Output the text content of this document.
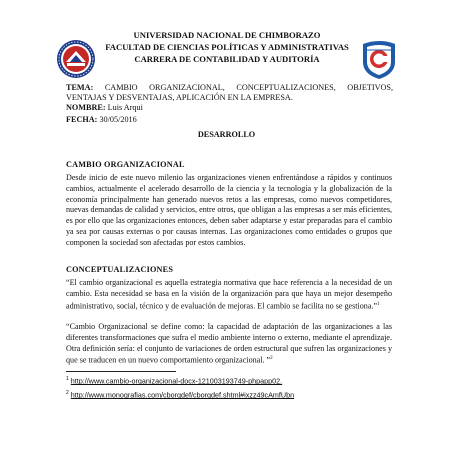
UNIVERSIDAD NACIONAL DE CHIMBORAZO
FACULTAD DE CIENCIAS POLÍTICAS Y ADMINISTRATIVAS
CARRERA DE CONTABILIDAD Y AUDITORÍA
TEMA: CAMBIO ORGANIZACIONAL, CONCEPTUALIZACIONES, OBJETIVOS,
VENTAJAS Y DESVENTAJAS, APLICACIÓN EN LA EMPRESA.
NOMBRE: Luis Arqui
FECHA: 30/05/2016
DESARROLLO
CAMBIO ORGANIZACIONAL
Desde inicio de este nuevo milenio las organizaciones vienen enfrentándose a rápidos y continuos cambios, actualmente el acelerado desarrollo de la ciencia y la tecnología y la globalización de la economía principalmente han generado nuevos retos a las empresas, como nuevos competidores, nuevas demandas de calidad y servicios, entre otros, que obligan a las empresas a ser más eficientes, es por ello que las organizaciones entonces, deben saber adaptarse y estar preparadas para el cambio ya sea por causas externas o por causas internas. Las organizaciones como entidades o grupos que componen la sociedad son afectadas por estos cambios.
CONCEPTUALIZACIONES
“El cambio organizacional es aquella estrategia normativa que hace referencia a la necesidad de un cambio. Esta necesidad se basa en la visión de la organización para que haya un mejor desempeño administrativo, social, técnico y de evaluación de mejoras. El cambio se facilita no se gestiona.”$^1$
“Cambio Organizacional se define como: la capacidad de adaptación de las organizaciones a las diferentes transformaciones que sufra el medio ambiente interno o externo, mediante el aprendizaje. Otra definición sería: el conjunto de variaciones de orden estructural que sufren las organizaciones y que se traducen en un nuevo comportamiento organizacional. ”$^2$
$^1$ http://www.cambio-organizacional-docx-121003193749-phpapp02.
$^2$ http://www.monografias.com/cborgdef/cborgdef.shtml#ixzz49cAmfUbn
